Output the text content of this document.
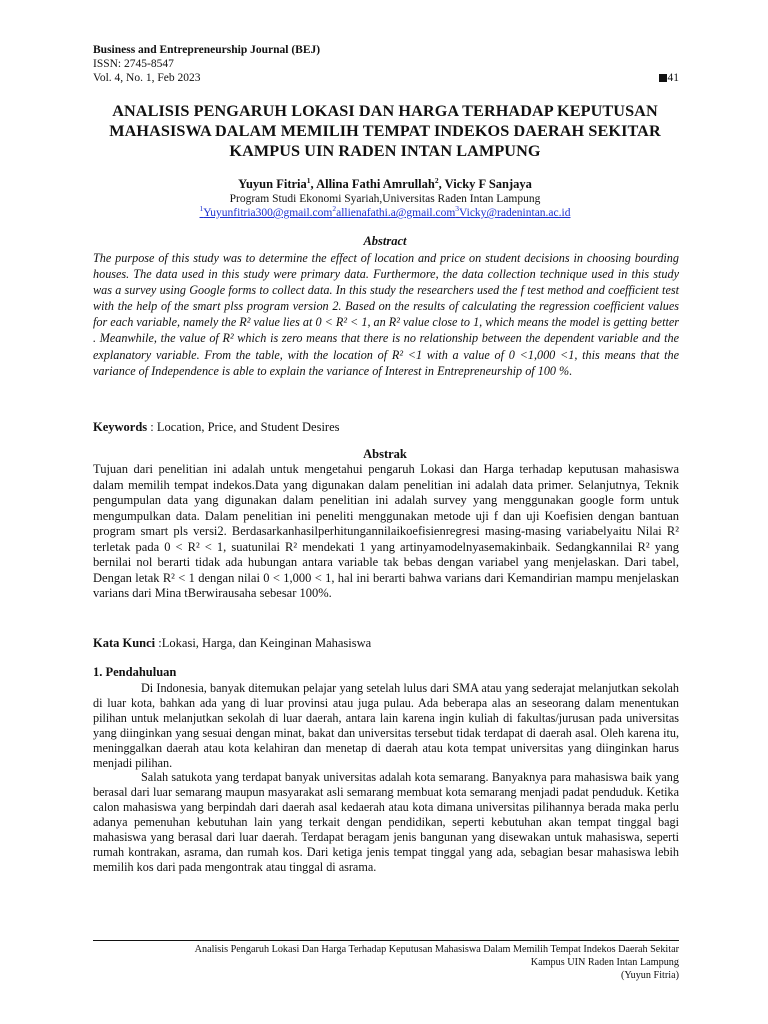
Business and Entrepreneurship Journal (BEJ)
ISSN: 2745-8547
Vol. 4, No. 1, Feb 2023	41
ANALISIS PENGARUH LOKASI DAN HARGA TERHADAP KEPUTUSAN MAHASISWA DALAM MEMILIH TEMPAT INDEKOS DAERAH SEKITAR KAMPUS UIN RADEN INTAN LAMPUNG
Yuyun Fitria$^1$, Allina Fathi Amrullah$^2$, Vicky F Sanjaya
Program Studi Ekonomi Syariah,Universitas Raden Intan Lampung
$^1$Yuyunfitria300@gmail.com$^2$allienafathi.a@gmail.com$^3$Vicky@radenintan.ac.id
Abstract
The purpose of this study was to determine the effect of location and price on student decisions in choosing bourding houses. The data used in this study were primary data. Furthermore, the data collection technique used in this study was a survey using Google forms to collect data. In this study the researchers used the f test method and coefficient test with the help of the smart plss program version 2. Based on the results of calculating the regression coefficient values for each variable, namely the R² value lies at 0 < R² < 1, an R² value close to 1, which means the model is getting better . Meanwhile, the value of R² which is zero means that there is no relationship between the dependent variable and the explanatory variable. From the table, with the location of R² <1 with a value of 0 <1,000 <1, this means that the variance of Independence is able to explain the variance of Interest in Entrepreneurship of 100 %.
Keywords : Location, Price, and Student Desires
Abstrak
Tujuan dari penelitian ini adalah untuk mengetahui pengaruh Lokasi dan Harga terhadap keputusan mahasiswa dalam memilih tempat indekos.Data yang digunakan dalam penelitian ini adalah data primer. Selanjutnya, Teknik pengumpulan data yang digunakan dalam penelitian ini adalah survey yang menggunakan google form untuk mengumpulkan data. Dalam penelitian ini peneliti menggunakan metode uji f dan uji Koefisien dengan bantuan program smart pls versi2. Berdasarkanhasilperhitungannilaikoefisienregresi masing-masing variabelyaitu Nilai R² terletak pada 0 < R² < 1, suatunilai R² mendekati 1 yang artinyamodelnyasemakinbaik. Sedangkannilai R² yang bernilai nol berarti tidak ada hubungan antara variable tak bebas dengan variabel yang menjelaskan. Dari tabel, Dengan letak R² < 1 dengan nilai 0 < 1,000 < 1, hal ini berarti bahwa varians dari Kemandirian mampu menjelaskan varians dari Mina tBerwirausaha sebesar 100%.
Kata Kunci :Lokasi, Harga, dan Keinginan Mahasiswa
1. Pendahuluan

Di Indonesia, banyak ditemukan pelajar yang setelah lulus dari SMA atau yang sederajat melanjutkan sekolah di luar kota, bahkan ada yang di luar provinsi atau juga pulau. Ada beberapa alas an seseorang dalam menentukan pilihan untuk melanjutkan sekolah di luar daerah, antara lain karena ingin kuliah di fakultas/jurusan pada universitas yang diinginkan yang sesuai dengan minat, bakat dan universitas tersebut tidak terdapat di daerah asal. Oleh karena itu, meninggalkan daerah atau kota kelahiran dan menetap di daerah atau kota tempat universitas yang diinginkan harus menjadi pilihan.

Salah satukota yang terdapat banyak universitas adalah kota semarang. Banyaknya para mahasiswa baik yang berasal dari luar semarang maupun masyarakat asli semarang membuat kota semarang menjadi padat penduduk. Ketika calon mahasiswa yang berpindah dari daerah asal kedaerah atau kota dimana universitas pilihannya berada maka perlu adanya pemenuhan kebutuhan lain yang terkait dengan pendidikan, seperti kebutuhan akan tempat tinggal bagi mahasiswa yang berasal dari luar daerah. Terdapat beragam jenis bangunan yang disewakan untuk mahasiswa, seperti rumah kontrakan, asrama, dan rumah kos. Dari ketiga jenis tempat tinggal yang ada, sebagian besar mahasiswa lebih memilih kos dari pada mengontrak atau tinggal di asrama.

Analisis Pengaruh Lokasi Dan Harga Terhadap Keputusan Mahasiswa Dalam Memilih Tempat Indekos Daerah Sekitar
Kampus UIN Raden Intan Lampung
(Yuyun Fitria)
